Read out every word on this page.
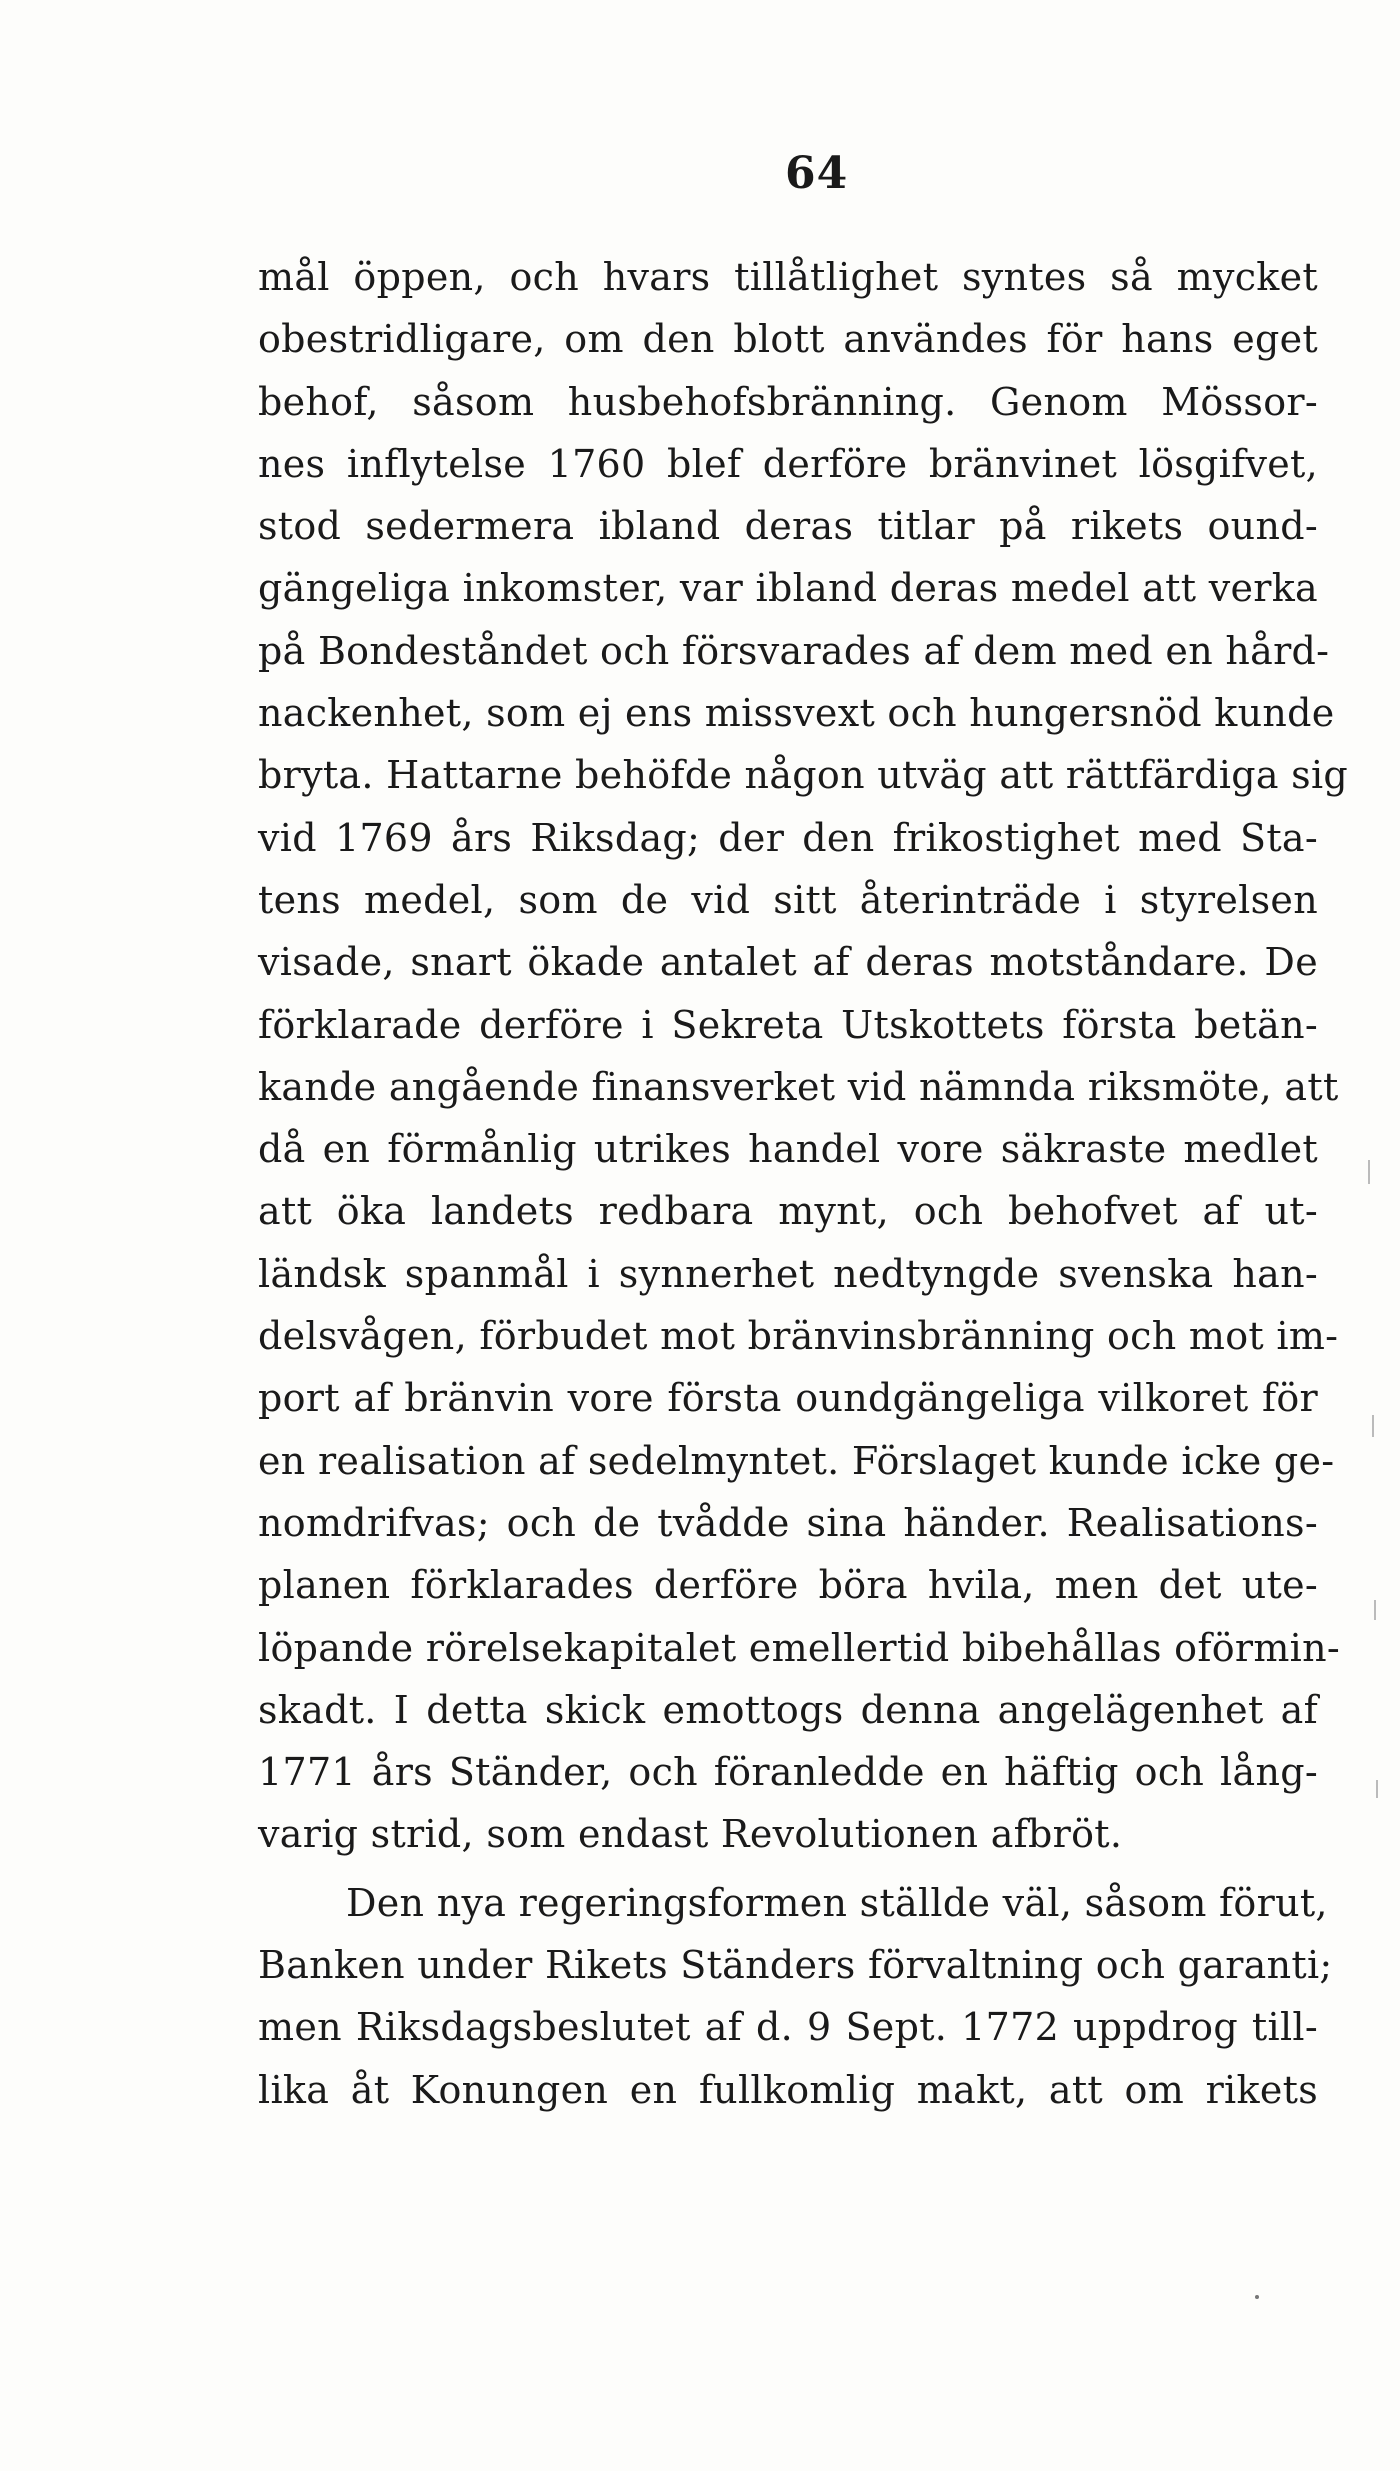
64
mål öppen, och hvars tillåtlighet syntes så mycket
obestridligare, om den blott användes för hans eget
behof, såsom husbehofsbränning. Genom Mössor-
nes inflytelse 1760 blef derföre bränvinet lösgifvet,
stod sedermera ibland deras titlar på rikets ound-
gängeliga inkomster, var ibland deras medel att verka
på Bondeståndet och försvarades af dem med en hård-
nackenhet, som ej ens missvext och hungersnöd kunde
bryta. Hattarne behöfde någon utväg att rättfärdiga sig
vid 1769 års Riksdag; der den frikostighet med Sta-
tens medel, som de vid sitt återinträde i styrelsen
visade, snart ökade antalet af deras motståndare. De
förklarade derföre i Sekreta Utskottets första betän-
kande angående finansverket vid nämnda riksmöte, att
då en förmånlig utrikes handel vore säkraste medlet
att öka landets redbara mynt, och behofvet af ut-
ländsk spanmål i synnerhet nedtyngde svenska han-
delsvågen, förbudet mot bränvinsbränning och mot im-
port af bränvin vore första oundgängeliga vilkoret för
en realisation af sedelmyntet. Förslaget kunde icke ge-
nomdrifvas; och de tvådde sina händer. Realisations-
planen förklarades derföre böra hvila, men det ute-
löpande rörelsekapitalet emellertid bibehållas oförmin-
skadt. I detta skick emottogs denna angelägenhet af
1771 års Ständer, och föranledde en häftig och lång-
varig strid, som endast Revolutionen afbröt.
Den nya regeringsformen ställde väl, såsom förut,
Banken under Rikets Ständers förvaltning och garanti;
men Riksdagsbeslutet af d. 9 Sept. 1772 uppdrog till-
lika åt Konungen en fullkomlig makt, att om rikets
